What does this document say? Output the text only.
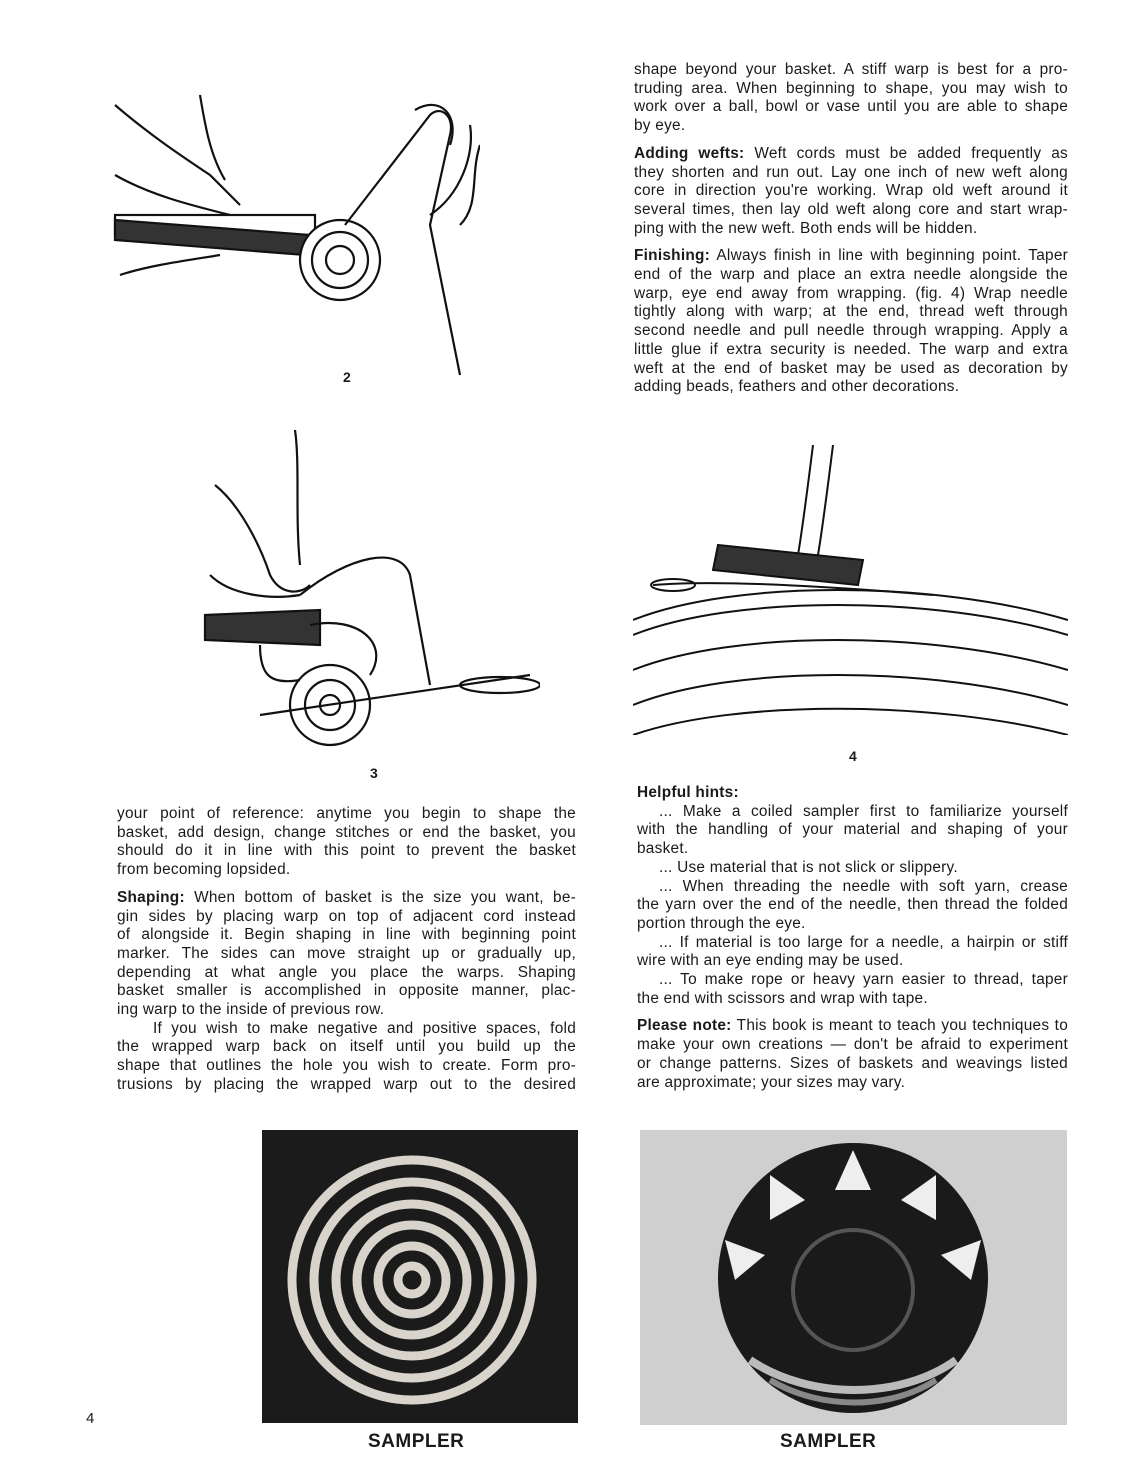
2
3
4
shape beyond your basket. A stiff warp is best for a pro-
truding area. When beginning to shape, you may wish to
work over a ball, bowl or vase until you are able to shape
by eye.
Adding wefts: Weft cords must be added frequently as
they shorten and run out. Lay one inch of new weft along
core in direction you're working. Wrap old weft around it
several times, then lay old weft along core and start wrap-
ping with the new weft. Both ends will be hidden.
Finishing: Always finish in line with beginning point. Taper
end of the warp and place an extra needle alongside the
warp, eye end away from wrapping. (fig. 4) Wrap needle
tightly along with warp; at the end, thread weft through
second needle and pull needle through wrapping. Apply a
little glue if extra security is needed. The warp and extra
weft at the end of basket may be used as decoration by
adding beads, feathers and other decorations.
your point of reference: anytime you begin to shape the
basket, add design, change stitches or end the basket, you
should do it in line with this point to prevent the basket
from becoming lopsided.
Shaping: When bottom of basket is the size you want, be-
gin sides by placing warp on top of adjacent cord instead
of alongside it. Begin shaping in line with beginning point
marker. The sides can move straight up or gradually up,
depending at what angle you place the warps. Shaping
basket smaller is accomplished in opposite manner, plac-
ing warp to the inside of previous row.
If you wish to make negative and positive spaces, fold
the wrapped warp back on itself until you build up the
shape that outlines the hole you wish to create. Form pro-
trusions by placing the wrapped warp out to the desired
Helpful hints:
... Make a coiled sampler first to familiarize yourself
with the handling of your material and shaping of your
basket.
... Use material that is not slick or slippery.
... When threading the needle with soft yarn, crease
the yarn over the end of the needle, then thread the folded
portion through the eye.
... If material is too large for a needle, a hairpin or stiff
wire with an eye ending may be used.
... To make rope or heavy yarn easier to thread, taper
the end with scissors and wrap with tape.
Please note: This book is meant to teach you techniques to
make your own creations — don't be afraid to experiment
or change patterns. Sizes of baskets and weavings listed
are approximate; your sizes may vary.
SAMPLER	SAMPLER
4
